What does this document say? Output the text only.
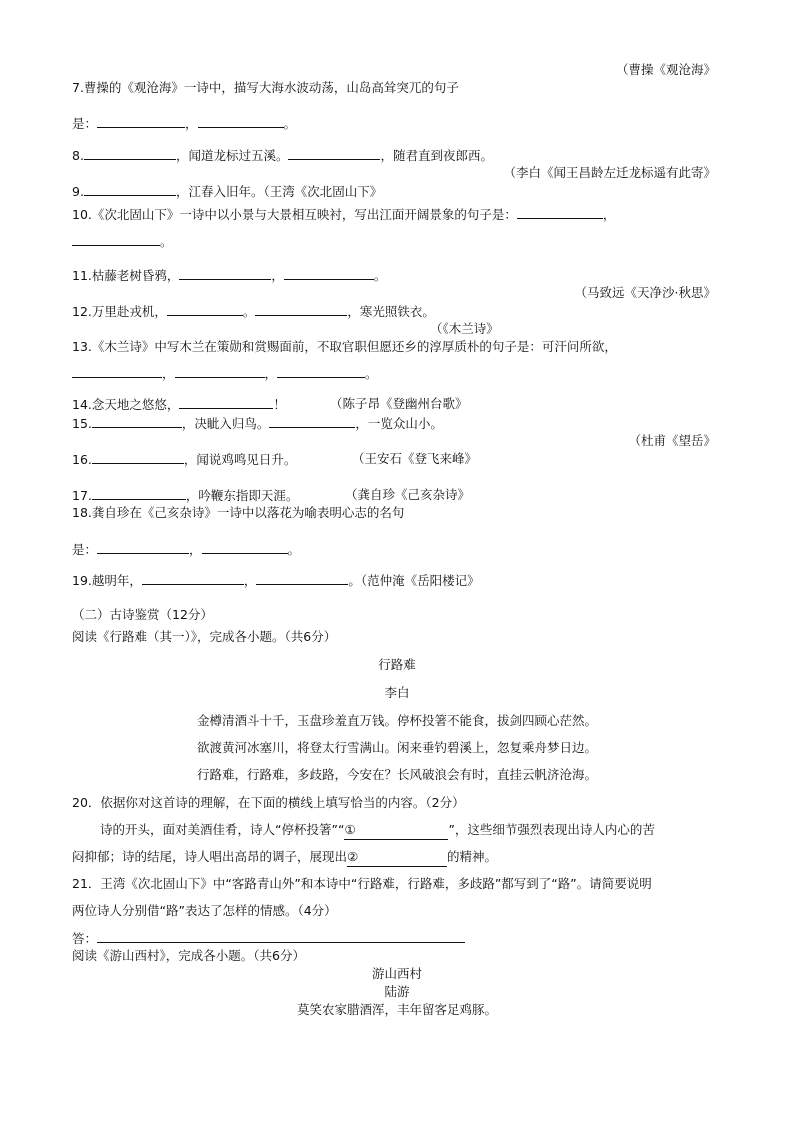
（曹操《观沧海》
7.曹操的《观沧海》一诗中，描写大海水波动荡，山岛高耸突兀的句子
是：	，	。
8.	，闻道龙标过五溪。	，随君直到夜郎西。
（李白《闻王昌龄左迁龙标遥有此寄》
9.	，江春入旧年。（王湾《次北固山下》
10.《次北固山下》一诗中以小景与大景相互映衬，写出江面开阔景象的句子是：	，
。
11.枯藤老树昏鸦，	，	。
（马致远《天净沙·秋思》
12.万里赴戎机，	。	，寒光照铁衣。
（《木兰诗》
13.《木兰诗》中写木兰在策勋和赏赐面前，不取官职但愿还乡的淳厚质朴的句子是：可汗问所欲，
，	，	。
14.念天地之悠悠，	！	（陈子昂《登幽州台歌》
15.	，决眦入归鸟。	，一览众山小。
（杜甫《望岳》
16.	，闻说鸡鸣见日升。	（王安石《登飞来峰》
17.	，吟鞭东指即天涯。	（龚自珍《己亥杂诗》
18.龚自珍在《己亥杂诗》一诗中以落花为喻表明心志的名句
是：	，	。
19.越明年，	，	。（范仲淹《岳阳楼记》
（二）古诗鉴赏（12分）
阅读《行路难（其一）》，完成各小题。（共6分）
行路难
李白
金樽清酒斗十千，玉盘珍羞直万钱。停杯投箸不能食，拔剑四顾心茫然。
欲渡黄河冰塞川，将登太行雪满山。闲来垂钓碧溪上，忽复乘舟梦日边。
行路难，行路难，多歧路，今安在？长风破浪会有时，直挂云帆济沧海。
20．依据你对这首诗的理解，在下面的横线上填写恰当的内容。（2分）
诗的开头，面对美酒佳肴，诗人“停杯投箸”“①	”，这些细节强烈表现出诗人内心的苦
闷抑郁；诗的结尾，诗人唱出高昂的调子，展现出②	的精神。
21．王湾《次北固山下》中“客路青山外”和本诗中“行路难，行路难，多歧路”都写到了“路”。请简要说明
两位诗人分别借“路”表达了怎样的情感。（4分）
答：
阅读《游山西村》，完成各小题。（共6分）
游山西村
陆游
莫笑农家腊酒浑，丰年留客足鸡豚。
